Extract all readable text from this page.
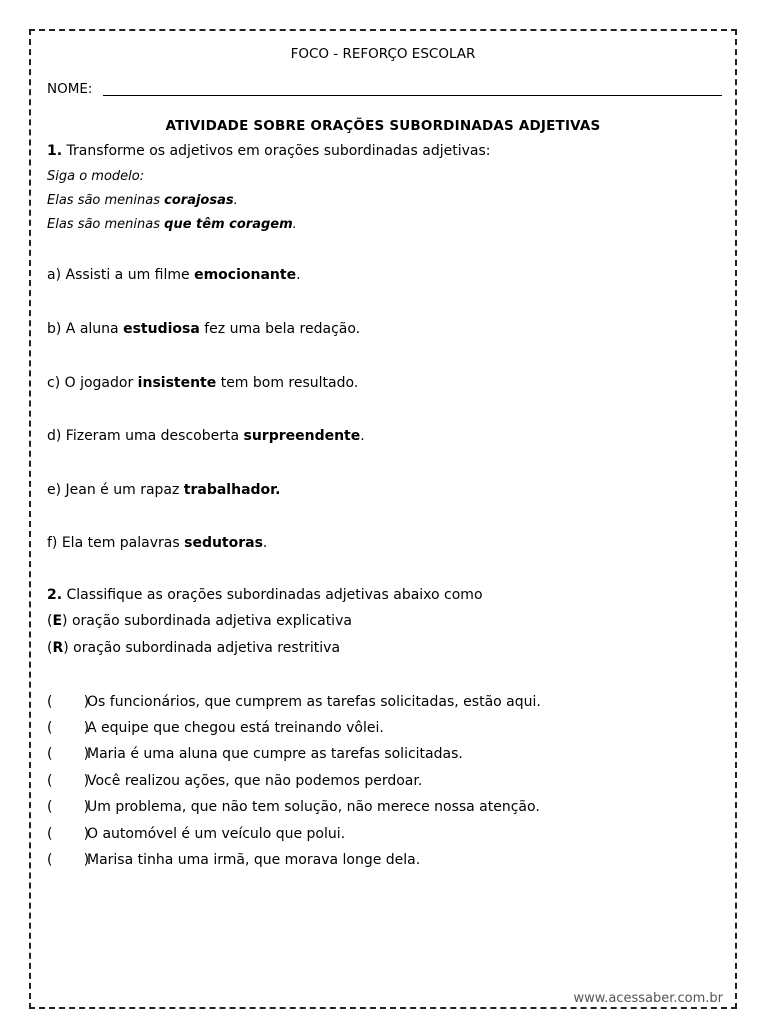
FOCO - REFORÇO ESCOLAR
NOME:
ATIVIDADE SOBRE ORAÇÕES SUBORDINADAS ADJETIVAS
1. Transforme os adjetivos em orações subordinadas adjetivas:
Siga o modelo:
Elas são meninas corajosas.
Elas são meninas que têm coragem.
a) Assisti a um filme emocionante.
b) A aluna estudiosa fez uma bela redação.
c) O jogador insistente tem bom resultado.
d) Fizeram uma descoberta surpreendente.
e) Jean é um rapaz trabalhador.
f) Ela tem palavras sedutoras.
2. Classifique as orações subordinadas adjetivas abaixo como
(E) oração subordinada adjetiva explicativa
(R) oração subordinada adjetiva restritiva
(       )Os funcionários, que cumprem as tarefas solicitadas, estão aqui.
(       )A equipe que chegou está treinando vôlei.
(       )Maria é uma aluna que cumpre as tarefas solicitadas.
(       )Você realizou ações, que não podemos perdoar.
(       )Um problema, que não tem solução, não merece nossa atenção.
(       )O automóvel é um veículo que polui.
(       )Marisa tinha uma irmã, que morava longe dela.
www.acessaber.com.br
